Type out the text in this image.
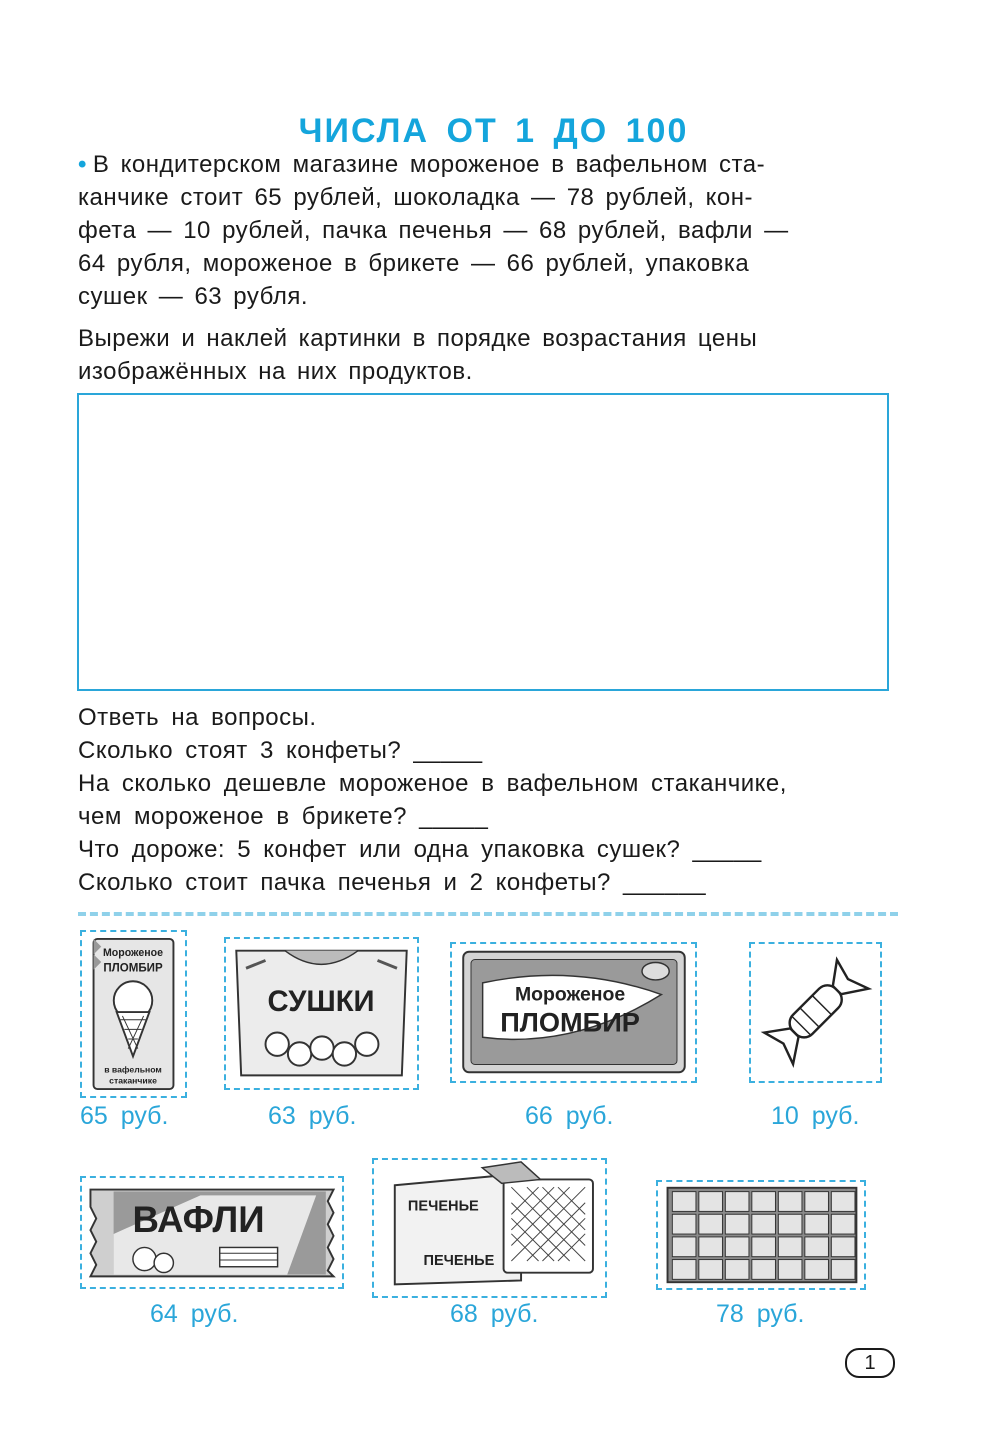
ЧИСЛА ОТ 1 ДО 100
• В кондитерском магазине мороженое в вафельном ста-
канчике стоит 65 рублей, шоколадка — 78 рублей, кон-
фета — 10 рублей, пачка печенья — 68 рублей, вафли —
64 рубля, мороженое в брикете — 66 рублей, упаковка
сушек — 63 рубля.
Вырежи и наклей картинки в порядке возрастания цены
изображённых на них продуктов.
Ответь на вопросы.
Сколько стоят 3 конфеты? _____
На сколько дешевле мороженое в вафельном стаканчике,
чем мороженое в брикете? _____
Что дороже: 5 конфет или одна упаковка сушек? _____
Сколько стоит пачка печенья и 2 конфеты? ______
Мороженое
ПЛОМБИР
в вафельном
стаканчике
65 руб.
СУШКИ
63 руб.
Мороженое
ПЛОМБИР
66 руб.	10 руб.
ВАФЛИ
64 руб.
ПЕЧЕНЬЕ
ПЕЧЕНЬЕ
68 руб.	78 руб.
1
